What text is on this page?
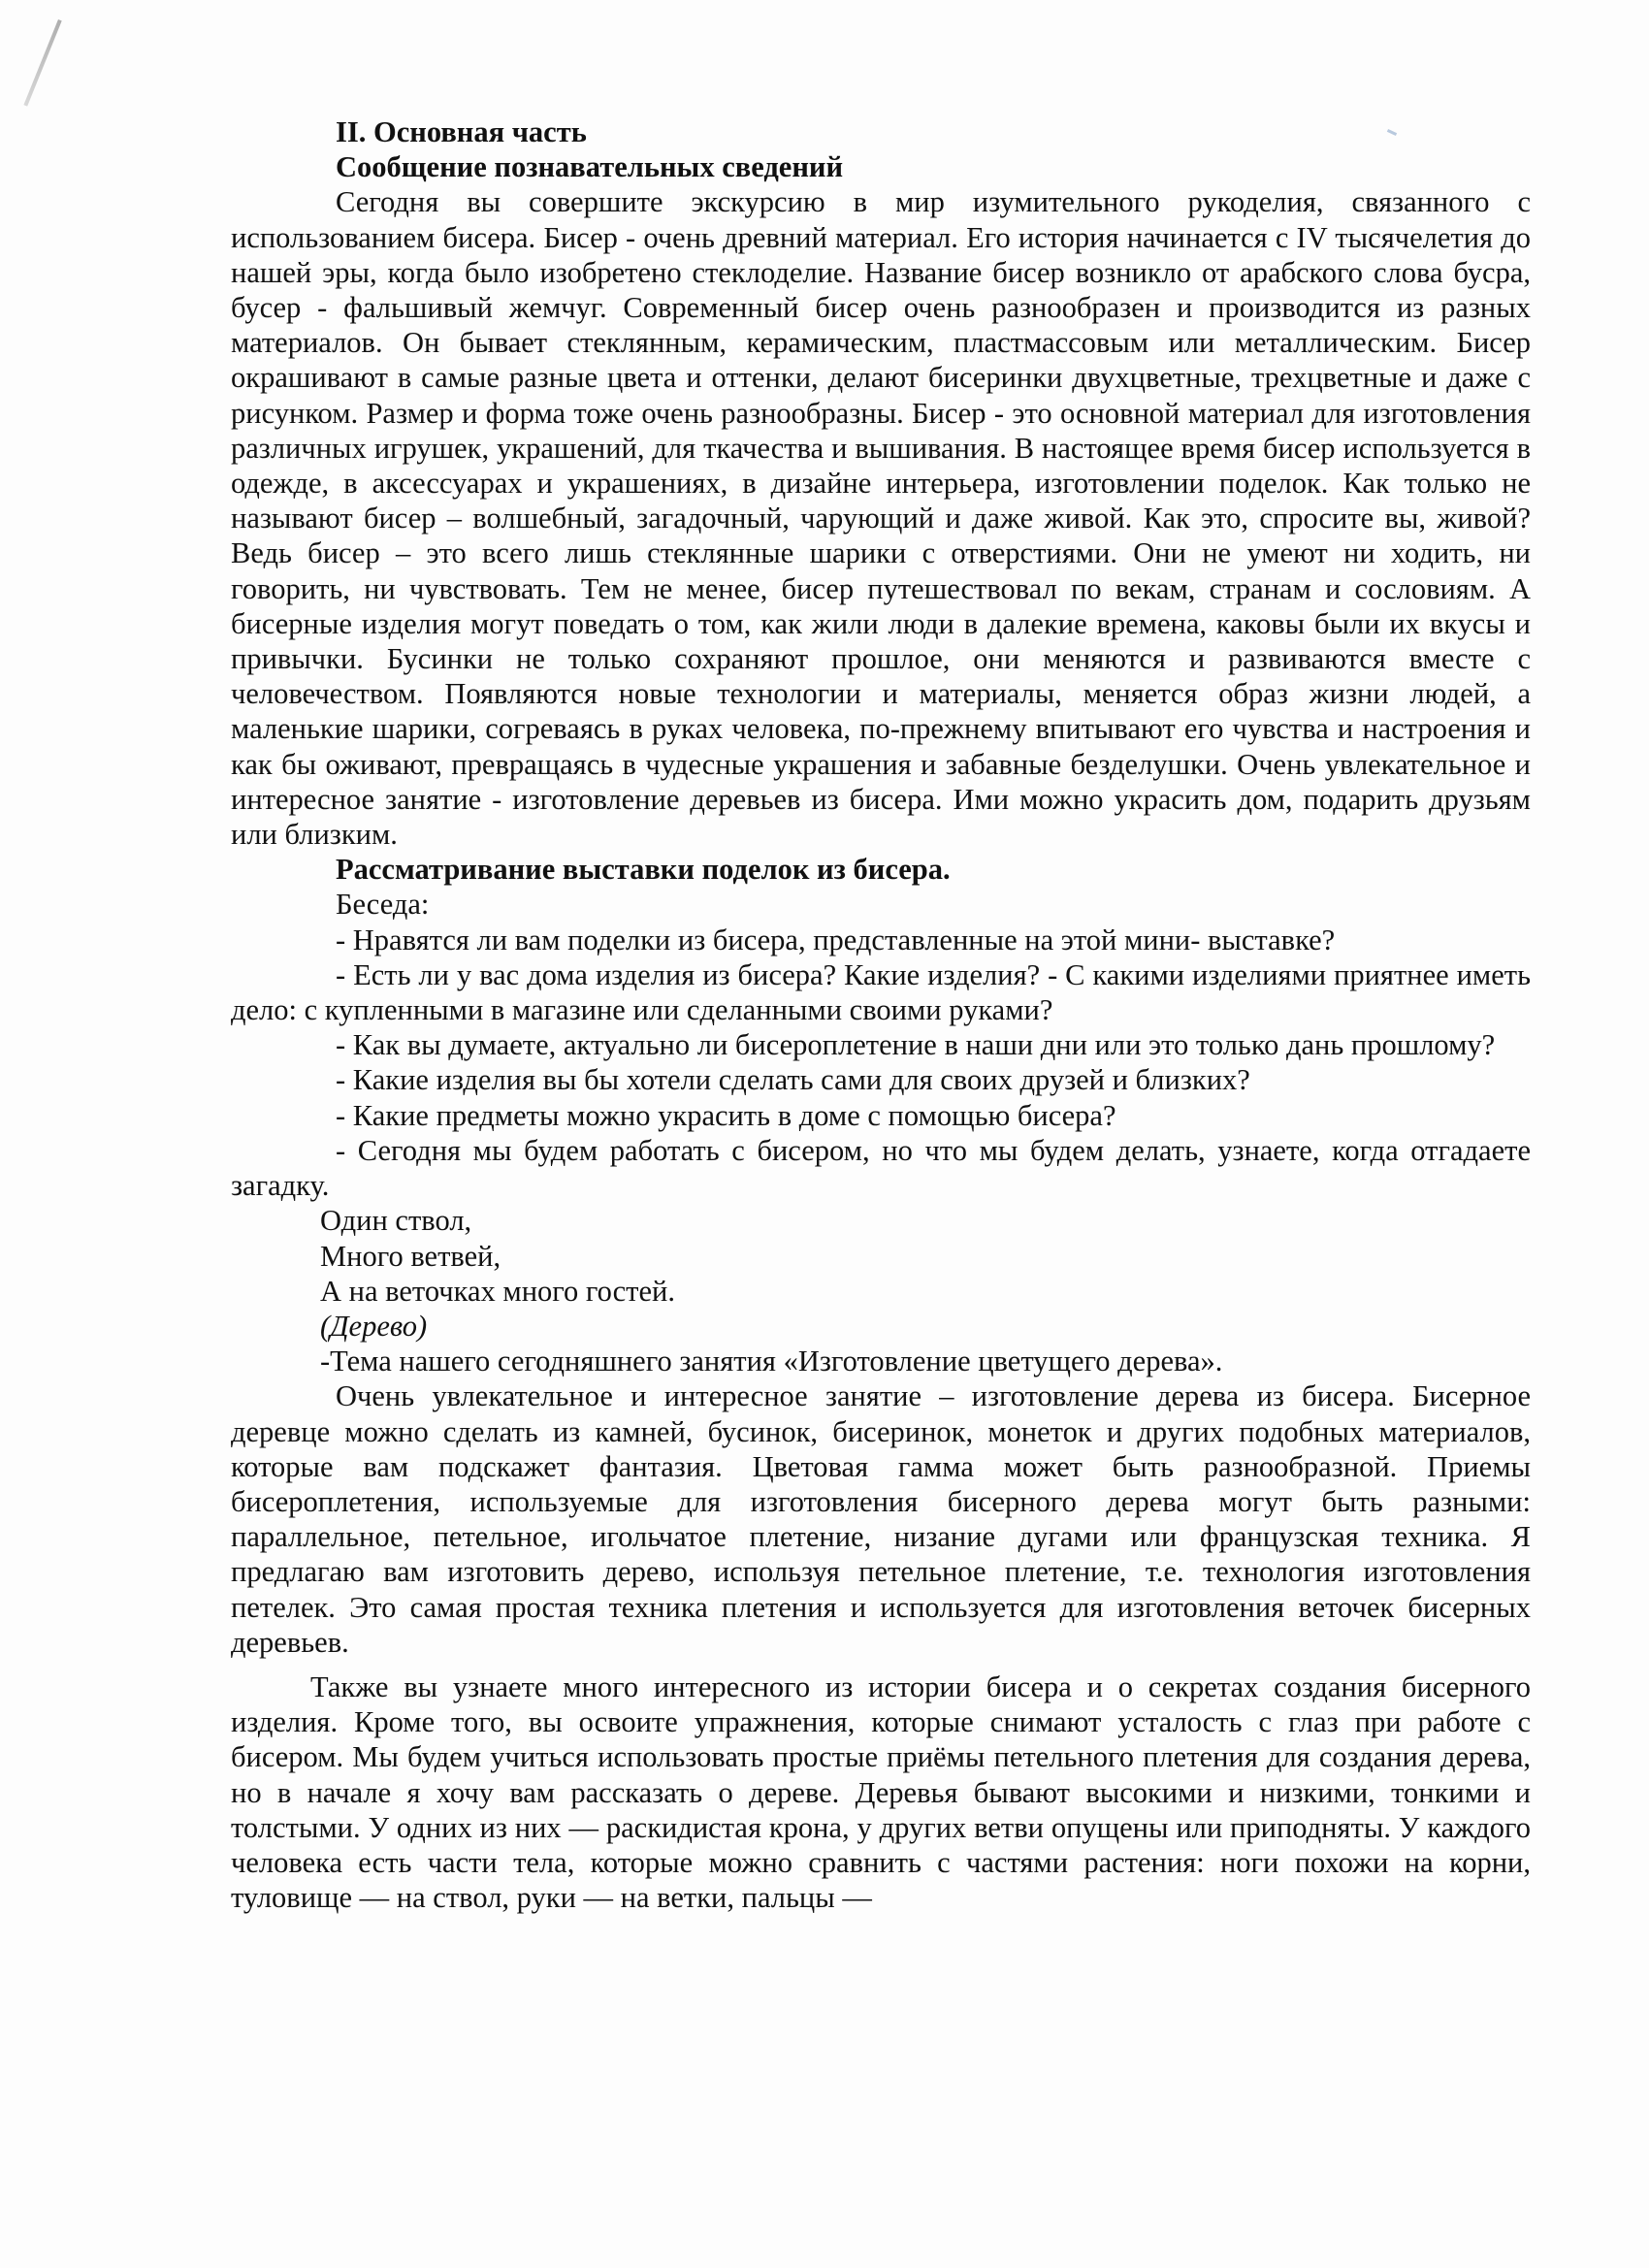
II. Основная часть

Сообщение познавательных сведений

Сегодня вы совершите экскурсию в мир изумительного рукоделия, связанного с использованием бисера. Бисер - очень древний материал. Его история начинается с IV тысячелетия до нашей эры, когда было изобретено стеклоделие. Название бисер возникло от арабского слова бусра, бусер - фальшивый жемчуг. Современный бисер очень разнообразен и производится из разных материалов. Он бывает стеклянным, керамическим, пластмассовым или металлическим. Бисер окрашивают в самые разные цвета и оттенки, делают бисеринки двухцветные, трехцветные и даже с рисунком. Размер и форма тоже очень разнообразны. Бисер - это основной материал для изготовления различных игрушек, украшений, для ткачества и вышивания. В настоящее время бисер используется в одежде, в аксессуарах и украшениях, в дизайне интерьера, изготовлении поделок. Как только не называют бисер – волшебный, загадочный, чарующий и даже живой. Как это, спросите вы, живой? Ведь бисер – это всего лишь стеклянные шарики с отверстиями. Они не умеют ни ходить, ни говорить, ни чувствовать. Тем не менее, бисер путешествовал по векам, странам и сословиям. А бисерные изделия могут поведать о том, как жили люди в далекие времена, каковы были их вкусы и привычки. Бусинки не только сохраняют прошлое, они меняются и развиваются вместе с человечеством. Появляются новые технологии и материалы, меняется образ жизни людей, а маленькие шарики, согреваясь в руках человека, по-прежнему впитывают его чувства и настроения и как бы оживают, превращаясь в чудесные украшения и забавные безделушки. Очень увлекательное и интересное занятие - изготовление деревьев из бисера. Ими можно украсить дом, подарить друзьям или близким.

Рассматривание выставки поделок из бисера.

Беседа:

- Нравятся ли вам поделки из бисера, представленные на этой мини- выставке?

- Есть ли у вас дома изделия из бисера? Какие изделия? - С какими изделиями приятнее иметь дело: с купленными в магазине или сделанными своими руками?

- Как вы думаете, актуально ли бисероплетение в наши дни или это только дань прошлому?

- Какие изделия вы бы хотели сделать сами для своих друзей и близких?

- Какие предметы можно украсить в доме с помощью бисера?

- Сегодня мы будем работать с бисером, но что мы будем делать, узнаете, когда отгадаете загадку.

Один ствол,

Много ветвей,

А на веточках много гостей.

(Дерево)

-Тема нашего сегодняшнего занятия «Изготовление цветущего дерева».

Очень увлекательное и интересное занятие – изготовление дерева из бисера. Бисерное деревце можно сделать из камней, бусинок, бисеринок, монеток и других подобных материалов, которые вам подскажет фантазия. Цветовая гамма может быть разнообразной. Приемы бисероплетения, используемые для изготовления бисерного дерева могут быть разными: параллельное, петельное, игольчатое плетение, низание дугами или французская техника. Я предлагаю вам изготовить дерево, используя петельное плетение, т.е. технология изготовления петелек. Это самая простая техника плетения и используется для изготовления веточек бисерных деревьев.

Также вы узнаете много интересного из истории бисера и о секретах создания бисерного изделия. Кроме того, вы освоите упражнения, которые снимают усталость с глаз при работе с бисером. Мы будем учиться использовать простые приёмы петельного плетения для создания дерева, но в начале я хочу вам рассказать о дереве. Деревья бывают высокими и низкими, тонкими и толстыми. У одних из них — раскидистая крона, у других ветви опущены или приподняты. У каждого человека есть части тела, которые можно сравнить с частями растения: ноги похожи на корни, туловище — на ствол, руки — на ветки, пальцы —
